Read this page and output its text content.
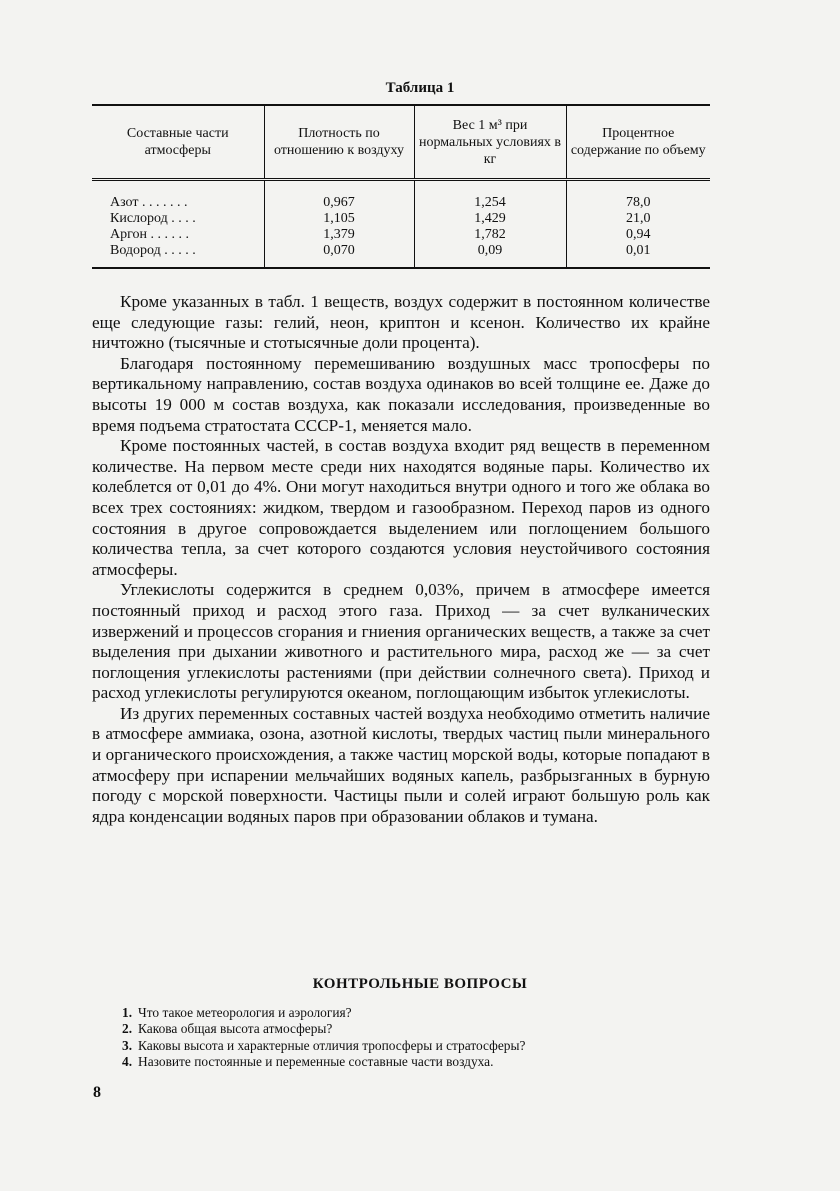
Таблица 1
Составные части атмосферы	Плотность по отношению к воздуху	Вес 1 м³ при нормальных условиях в кг	Процентное содержание по объему
Азот . . . . . . .	0,967	1,254	78,0
Кислород . . . .	1,105	1,429	21,0
Аргон . . . . . .	1,379	1,782	0,94
Водород . . . . .	0,070	0,09	0,01

Кроме указанных в табл. 1 веществ, воздух содержит в постоянном количестве еще следующие газы: гелий, неон, криптон и ксенон. Количество их крайне ничтожно (тысячные и стотысячные доли процента).

Благодаря постоянному перемешиванию воздушных масс тропосферы по вертикальному направлению, состав воздуха одинаков во всей толщине ее. Даже до высоты 19 000 м состав воздуха, как показали исследования, произведенные во время подъема стратостата СССР-1, меняется мало.

Кроме постоянных частей, в состав воздуха входит ряд веществ в переменном количестве. На первом месте среди них находятся водяные пары. Количество их колеблется от 0,01 до 4%. Они могут находиться внутри одного и того же облака во всех трех состояниях: жидком, твердом и газообразном. Переход паров из одного состояния в другое сопровождается выделением или поглощением большого количества тепла, за счет которого создаются условия неустойчивого состояния атмосферы.

Углекислоты содержится в среднем 0,03%, причем в атмосфере имеется постоянный приход и расход этого газа. Приход — за счет вулканических извержений и процессов сгорания и гниения органических веществ, а также за счет выделения при дыхании животного и растительного мира, расход же — за счет поглощения углекислоты растениями (при действии солнечного света). Приход и расход углекислоты регулируются океаном, поглощающим избыток углекислоты.

Из других переменных составных частей воздуха необходимо отметить наличие в атмосфере аммиака, озона, азотной кислоты, твердых частиц пыли минерального и органического происхождения, а также частиц морской воды, которые попадают в атмосферу при испарении мельчайших водяных капель, разбрызганных в бурную погоду с морской поверхности. Частицы пыли и солей играют большую роль как ядра конденсации водяных паров при образовании облаков и тумана.

КОНТРОЛЬНЫЕ ВОПРОСЫ
1. Что такое метеорология и аэрология?
2. Какова общая высота атмосферы?
3. Каковы высота и характерные отличия тропосферы и стратосферы?
4. Назовите постоянные и переменные составные части воздуха.
8
